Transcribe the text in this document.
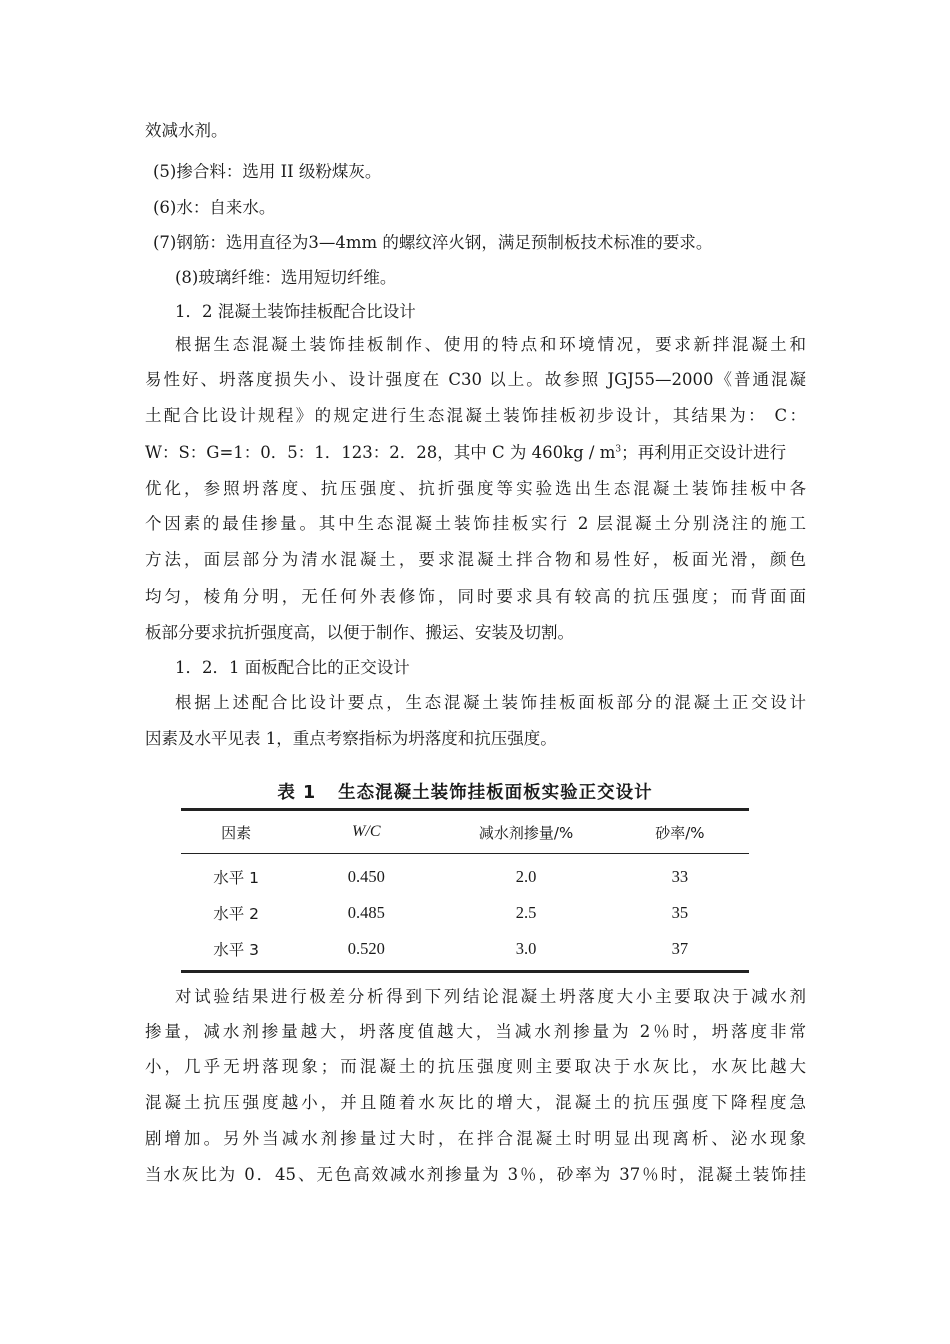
效减水剂。
(5)掺合料：选用 II 级粉煤灰。
(6)水：自来水。
(7)钢筋：选用直径为3—4mm 的螺纹淬火钢，满足预制板技术标准的要求。
(8)玻璃纤维：选用短切纤维。
1．2 混凝土装饰挂板配合比设计
根据生态混凝土装饰挂板制作、使用的特点和环境情况，要求新拌混凝土和
易性好、坍落度损失小、设计强度在 C30 以上。故参照 JGJ55—2000《普通混凝
土配合比设计规程》的规定进行生态混凝土装饰挂板初步设计，其结果为： C：
W：S：G=1：0．5：1．123：2．28，其中 C 为 $460kg / m^3$；再利用正交设计进行
优化，参照坍落度、抗压强度、抗折强度等实验选出生态混凝土装饰挂板中各
个因素的最佳掺量。其中生态混凝土装饰挂板实行 2 层混凝土分别浇注的施工
方法，面层部分为清水混凝土，要求混凝土拌合物和易性好，板面光滑，颜色
均匀，棱角分明，无任何外表修饰，同时要求具有较高的抗压强度；而背面面
板部分要求抗折强度高，以便于制作、搬运、安装及切割。
1．2．1 面板配合比的正交设计
根据上述配合比设计要点，生态混凝土装饰挂板面板部分的混凝土正交设计
因素及水平见表 1，重点考察指标为坍落度和抗压强度。
表 1 生态混凝土装饰挂板面板实验正交设计
因素	W/C	减水剂掺量/%	砂率/%
水平 1	0.450	2.0	33
水平 2	0.485	2.5	35
水平 3	0.520	3.0	37
对试验结果进行极差分析得到下列结论混凝土坍落度大小主要取决于减水剂
掺量，减水剂掺量越大，坍落度值越大，当减水剂掺量为 2％时，坍落度非常
小，几乎无坍落现象；而混凝土的抗压强度则主要取决于水灰比，水灰比越大
混凝土抗压强度越小，并且随着水灰比的增大，混凝土的抗压强度下降程度急
剧增加。另外当减水剂掺量过大时，在拌合混凝土时明显出现离析、泌水现象
当水灰比为 0．45、无色高效减水剂掺量为 3％，砂率为 37％时，混凝土装饰挂
